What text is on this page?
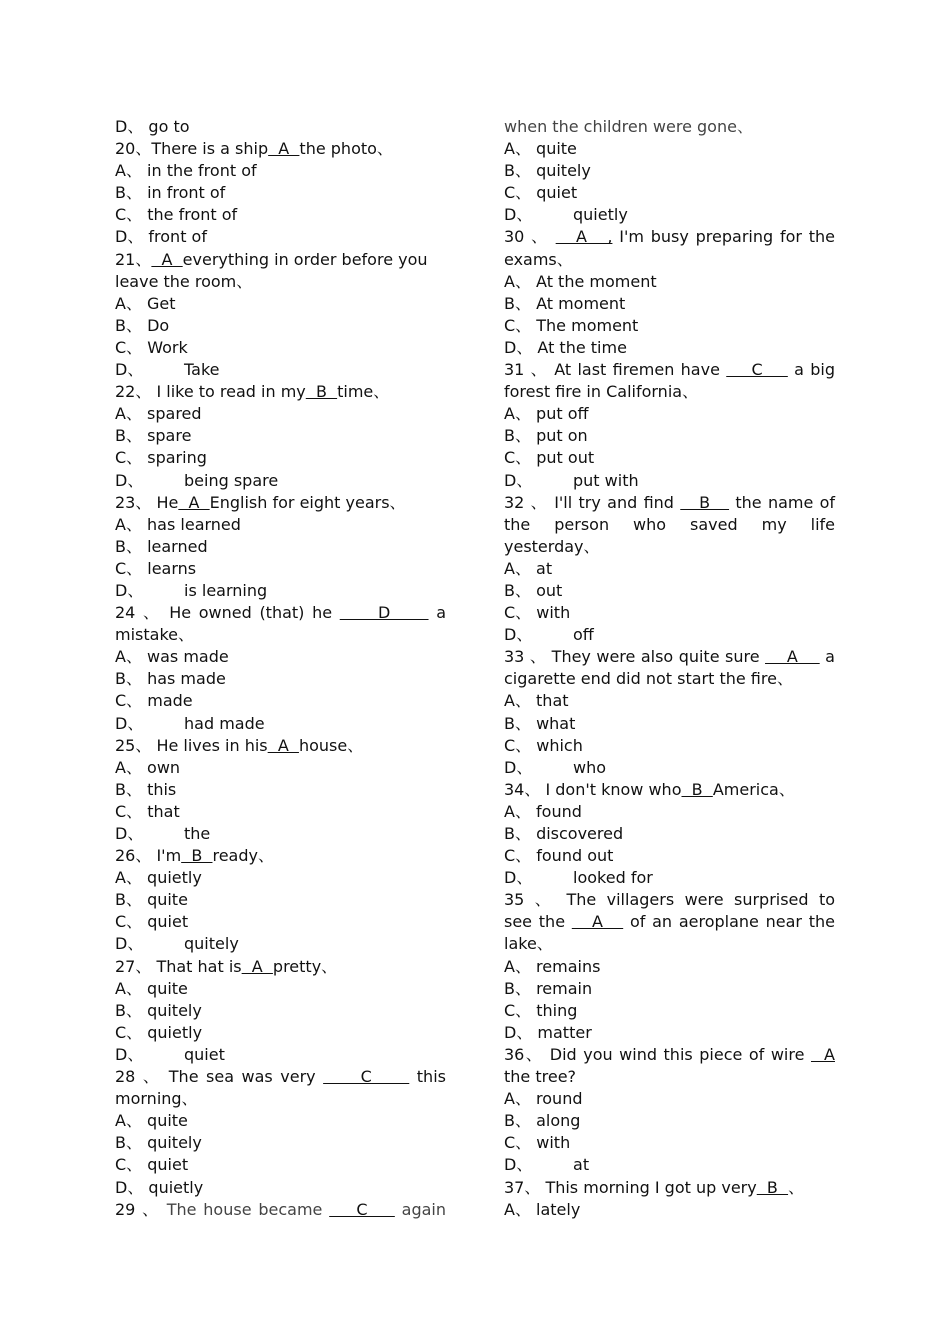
D、 go to
20、There is a ship  A  the photo、
A、 in the front of
B、 in front of
C、 the front of
D、 front of
21、  A  everything in order before you
leave the room、
A、 Get
B、 Do
C、 Work
D、        Take
22、 I like to read in my  B  time、
A、 spared
B、 spare
C、 sparing
D、        being spare
23、 He  A  English for eight years、
A、 has learned
B、 learned
C、 learns
D、        is learning
24 、 He owned (that) he      D      a
mistake、
A、 was made
B、 has made
C、 made
D、        had made
25、 He lives in his  A  house、
A、 own
B、 this
C、 that
D、        the
26、 I'm  B  ready、
A、 quietly
B、 quite
C、 quiet
D、        quitely
27、 That hat is  A  pretty、
A、 quite
B、 quitely
C、 quietly
D、        quiet
28 、 The sea was very      C      this
morning、
A、 quite
B、 quitely
C、 quiet
D、 quietly
29 、 The house became     C     again
when the children were gone、
A、 quite
B、 quitely
C、 quiet
D、        quietly
30 、    A   , I'm busy preparing for the
exams、
A、 At the moment
B、 At moment
C、 The moment
D、 At the time
31 、 At last firemen have     C     a big
forest fire in California、
A、 put off
B、 put on
C、 put out
D、        put with
32 、 I'll try and find    B    the name of
the person who saved my life
yesterday、
A、 at
B、 out
C、 with
D、        off
33 、 They were also quite sure     A     a
cigarette end did not start the fire、
A、 that
B、 what
C、 which
D、        who
34、 I don't know who  B  America、
A、 found
B、 discovered
C、 found out
D、        looked for
35 、 The villagers were surprised to
see the    A    of an aeroplane near the
lake、
A、 remains
B、 remain
C、 thing
D、 matter
36、 Did you wind this piece of wire   A
the tree?
A、 round
B、 along
C、 with
D、        at
37、 This morning I got up very  B  、
A、 lately
